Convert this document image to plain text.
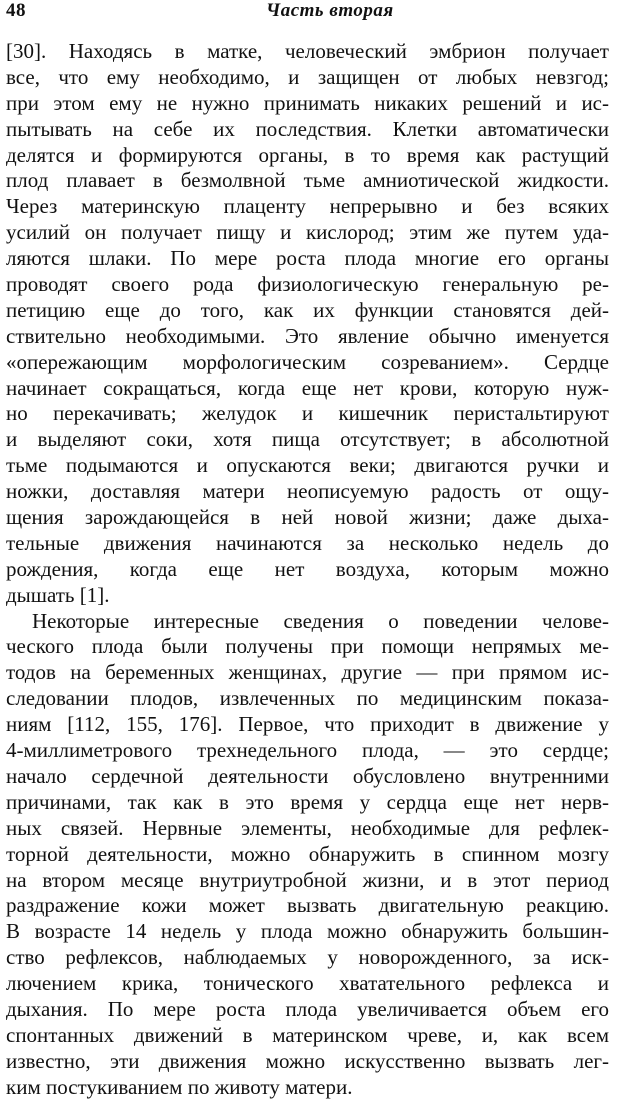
48	Часть вторая
[30]. Находясь в матке, человеческий эмбрион получает
все, что ему необходимо, и защищен от любых невзгод;
при этом ему не нужно принимать никаких решений и ис-
пытывать на себе их последствия. Клетки автоматически
делятся и формируются органы, в то время как растущий
плод плавает в безмолвной тьме амниотической жидкости.
Через материнскую плаценту непрерывно и без всяких
усилий он получает пищу и кислород; этим же путем уда-
ляются шлаки. По мере роста плода многие его органы
проводят своего рода физиологическую генеральную ре-
петицию еще до того, как их функции становятся дей-
ствительно необходимыми. Это явление обычно именуется
«опережающим морфологическим созреванием». Сердце
начинает сокращаться, когда еще нет крови, которую нуж-
но перекачивать; желудок и кишечник перистальтируют
и выделяют соки, хотя пища отсутствует; в абсолютной
тьме подымаются и опускаются веки; двигаются ручки и
ножки, доставляя матери неописуемую радость от ощу-
щения зарождающейся в ней новой жизни; даже дыха-
тельные движения начинаются за несколько недель до
рождения, когда еще нет воздуха, которым можно
дышать [1].
Некоторые интересные сведения о поведении челове-
ческого плода были получены при помощи непрямых ме-
тодов на беременных женщинах, другие — при прямом ис-
следовании плодов, извлеченных по медицинским показа-
ниям [112, 155, 176]. Первое, что приходит в движение у
4-миллиметрового трехнедельного плода, — это сердце;
начало сердечной деятельности обусловлено внутренними
причинами, так как в это время у сердца еще нет нерв-
ных связей. Нервные элементы, необходимые для рефлек-
торной деятельности, можно обнаружить в спинном мозгу
на втором месяце внутриутробной жизни, и в этот период
раздражение кожи может вызвать двигательную реакцию.
В возрасте 14 недель у плода можно обнаружить большин-
ство рефлексов, наблюдаемых у новорожденного, за иск-
лючением крика, тонического хватательного рефлекса и
дыхания. По мере роста плода увеличивается объем его
спонтанных движений в материнском чреве, и, как всем
известно, эти движения можно искусственно вызвать лег-
ким постукиванием по животу матери.
